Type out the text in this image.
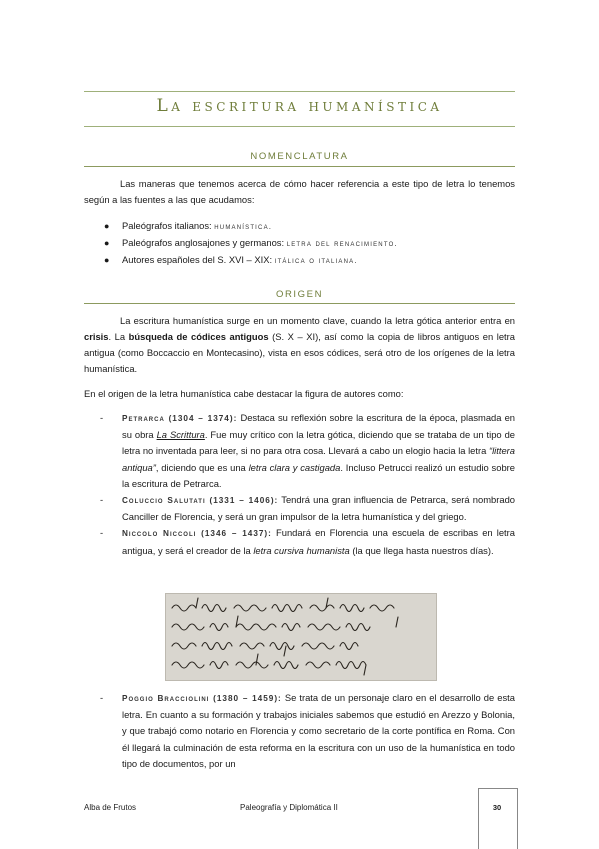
La escritura humanística
NOMENCLATURA
Las maneras que tenemos acerca de cómo hacer referencia a este tipo de letra lo tenemos según a las fuentes a las que acudamos:
●	Paleógrafos italianos: humanística.
●	Paleógrafos anglosajones y germanos: letra del renacimiento.
●	Autores españoles del S. XVI – XIX: itálica o italiana.
ORIGEN
La escritura humanística surge en un momento clave, cuando la letra gótica anterior entra en crisis. La búsqueda de códices antiguos (S. X – XI), así como la copia de libros antiguos en letra antigua (como Boccaccio en Montecasino), vista en esos códices, será otro de los orígenes de la letra humanística.
En el origen de la letra humanística cabe destacar la figura de autores como:
-	Petrarca (1304 – 1374): Destaca su reflexión sobre la escritura de la época, plasmada en su obra La Scrittura. Fue muy crítico con la letra gótica, diciendo que se trataba de un tipo de letra no inventada para leer, si no para otra cosa. Llevará a cabo un elogio hacia la letra “littera antiqua”, diciendo que es una letra clara y castigada. Incluso Petrucci realizó un estudio sobre la escritura de Petrarca.
-	Coluccio Salutati (1331 – 1406): Tendrá una gran influencia de Petrarca, será nombrado Canciller de Florencia, y será un gran impulsor de la letra humanística y del griego.
-	Niccolo Niccoli (1346 – 1437): Fundará en Florencia una escuela de escribas en letra antigua, y será el creador de la letra cursiva humanista (la que llega hasta nuestros días).
-	Poggio Bracciolini (1380 – 1459): Se trata de un personaje claro en el desarrollo de esta letra. En cuanto a su formación y trabajos iniciales sabemos que estudió en Arezzo y Bolonia, y que trabajó como notario en Florencia y como secretario de la corte pontífica en Roma. Con él llegará la culminación de esta reforma en la escritura con un uso de la humanística en todo tipo de documentos, por un
Alba de Frutos	Paleografía y Diplomática II	30
